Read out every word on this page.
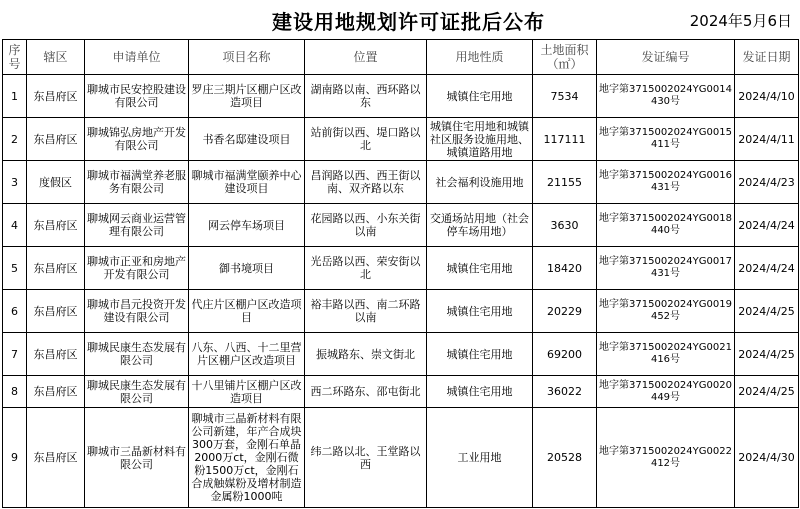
建设用地规划许可证批后公布	2024年5月6日
序号	辖区	申请单位	项目名称	位置	用地性质	土地面积（㎡）	发证编号	发证日期
1	东昌府区	聊城市民安控股建设有限公司	罗庄三期片区棚户区改造项目	湖南路以南、西环路以东	城镇住宅用地	7534	地字第371500202​4YG0014430号	2024/4/10
2	东昌府区	聊城锦弘房地产开发有限公司	书香名邸建设项目	站前街以西、堤口路以北	城镇住宅用地和城镇社区服务设施用地、城镇道路用地	117111	地字第3715002024YG0015411号	2024/4/11
3	度假区	聊城市福满堂养老服务有限公司	聊城市福满堂颐养中心建设项目	昌润路以西、西王街以南、双齐路以东	社会福利设施用地	21155	地字第3715002024YG0016431号	2024/4/23
4	东昌府区	聊城网云商业运营管理有限公司	网云停车场项目	花园路以西、小东关街以南	交通场站用地（社会停车场用地）	3630	地字第3715002024YG0018440号	2024/4/24
5	东昌府区	聊城市正亚和房地产开发有限公司	御书境项目	光岳路以西、荣安街以北	城镇住宅用地	18420	地字第3715002024YG0017431号	2024/4/24
6	东昌府区	聊城市昌元投资开发建设有限公司	代庄片区棚户区改造项目	裕丰路以西、南二环路以南	城镇住宅用地	20229	地字第3715002024YG0019452号	2024/4/25
7	东昌府区	聊城民康生态发展有限公司	八东、八西、十二里营片区棚户区改造项目	振城路东、崇文街北	城镇住宅用地	69200	地字第3715002024YG0021416号	2024/4/25
8	东昌府区	聊城民康生态发展有限公司	十八里铺片区棚户区改造项目	西二环路东、邵屯街北	城镇住宅用地	36022	地字第3715002024YG0020449号	2024/4/25
9	东昌府区	聊城市三晶新材料有限公司	聊城市三晶新材料有限公司新建，年产合成块300万套，金刚石单晶2000万ct，金刚石微粉1500万ct，金刚石合成触媒粉及增材制造金属粉1000吨	纬二路以北、王堂路以西	工业用地	20528	地字第3715002024YG0022412号	2024/4/30
